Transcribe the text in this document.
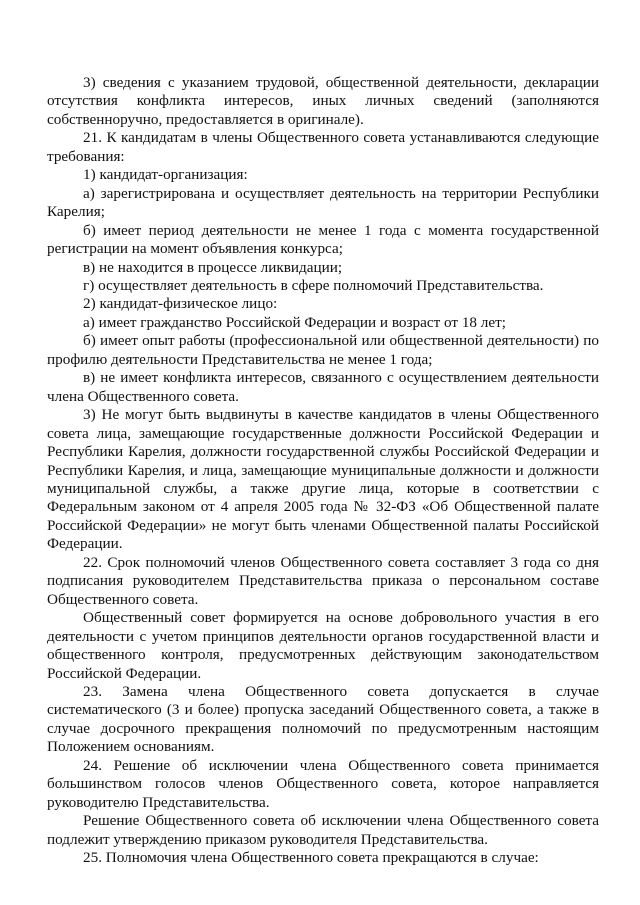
3) сведения с указанием трудовой, общественной деятельности, декларации отсутствия конфликта интересов, иных личных сведений (заполняются собственноручно, предоставляется в оригинале).

21. К кандидатам в члены Общественного совета устанавливаются следующие требования:

1) кандидат-организация:

а) зарегистрирована и осуществляет деятельность на территории Республики Карелия;

б) имеет период деятельности не менее 1 года с момента государственной регистрации на момент объявления конкурса;

в) не находится в процессе ликвидации;

г) осуществляет деятельность в сфере полномочий Представительства.

2) кандидат-физическое лицо:

а) имеет гражданство Российской Федерации и возраст от 18 лет;

б) имеет опыт работы (профессиональной или общественной деятельности) по профилю деятельности Представительства не менее 1 года;

в) не имеет конфликта интересов, связанного с осуществлением деятельности члена Общественного совета.

3) Не могут быть выдвинуты в качестве кандидатов в члены Общественного совета лица, замещающие государственные должности Российской Федерации и Республики Карелия, должности государственной службы Российской Федерации и Республики Карелия, и лица, замещающие муниципальные должности и должности муниципальной службы, а также другие лица, которые в соответствии с Федеральным законом от 4 апреля 2005 года № 32-ФЗ «Об Общественной палате Российской Федерации» не могут быть членами Общественной палаты Российской Федерации.

22. Срок полномочий членов Общественного совета составляет 3 года со дня подписания руководителем Представительства приказа о персональном составе Общественного совета.

Общественный совет формируется на основе добровольного участия в его деятельности с учетом принципов деятельности органов государственной власти и общественного контроля, предусмотренных действующим законодательством Российской Федерации.

23. Замена члена Общественного совета допускается в случае систематического (3 и более) пропуска заседаний Общественного совета, а также в случае досрочного прекращения полномочий по предусмотренным настоящим Положением основаниям.

24. Решение об исключении члена Общественного совета принимается большинством голосов членов Общественного совета, которое направляется руководителю Представительства.

Решение Общественного совета об исключении члена Общественного совета подлежит утверждению приказом руководителя Представительства.

25. Полномочия члена Общественного совета прекращаются в случае:
